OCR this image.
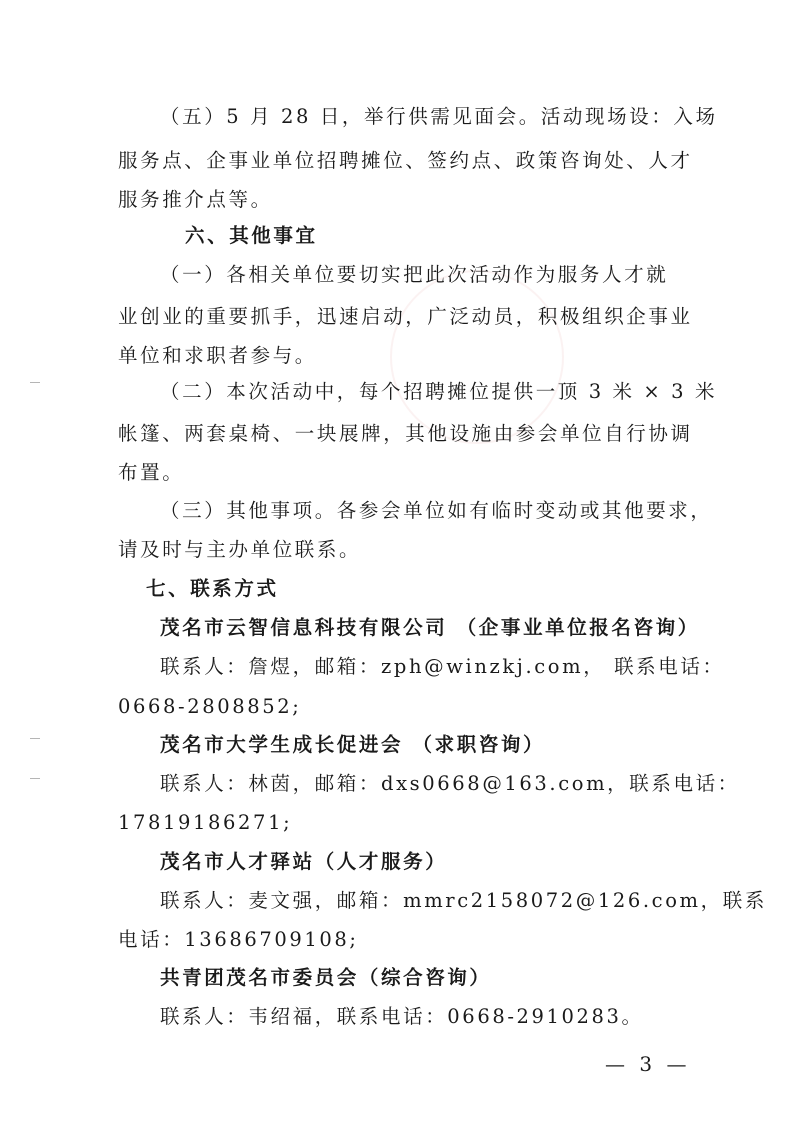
（五）5 月 28 日，举行供需见面会。活动现场设：入场
服务点、企事业单位招聘摊位、签约点、政策咨询处、人才
服务推介点等。
六、其他事宜
（一）各相关单位要切实把此次活动作为服务人才就
业创业的重要抓手，迅速启动，广泛动员，积极组织企事业
单位和求职者参与。
（二）本次活动中，每个招聘摊位提供一顶 3 米 × 3 米
帐篷、两套桌椅、一块展牌，其他设施由参会单位自行协调
布置。
（三）其他事项。各参会单位如有临时变动或其他要求，
请及时与主办单位联系。
七、联系方式
茂名市云智信息科技有限公司 （企事业单位报名咨询）
联系人：詹煜，邮箱：zph@winzkj.com， 联系电话：
0668-2808852;
茂名市大学生成长促进会 （求职咨询）
联系人：林茵，邮箱：dxs0668@163.com，联系电话：
17819186271;
茂名市人才驿站（人才服务）
联系人：麦文强，邮箱：mmrc2158072@126.com，联系
电话：13686709108;
共青团茂名市委员会（综合咨询）
联系人：韦绍福，联系电话：0668-2910283。
— 3 —
